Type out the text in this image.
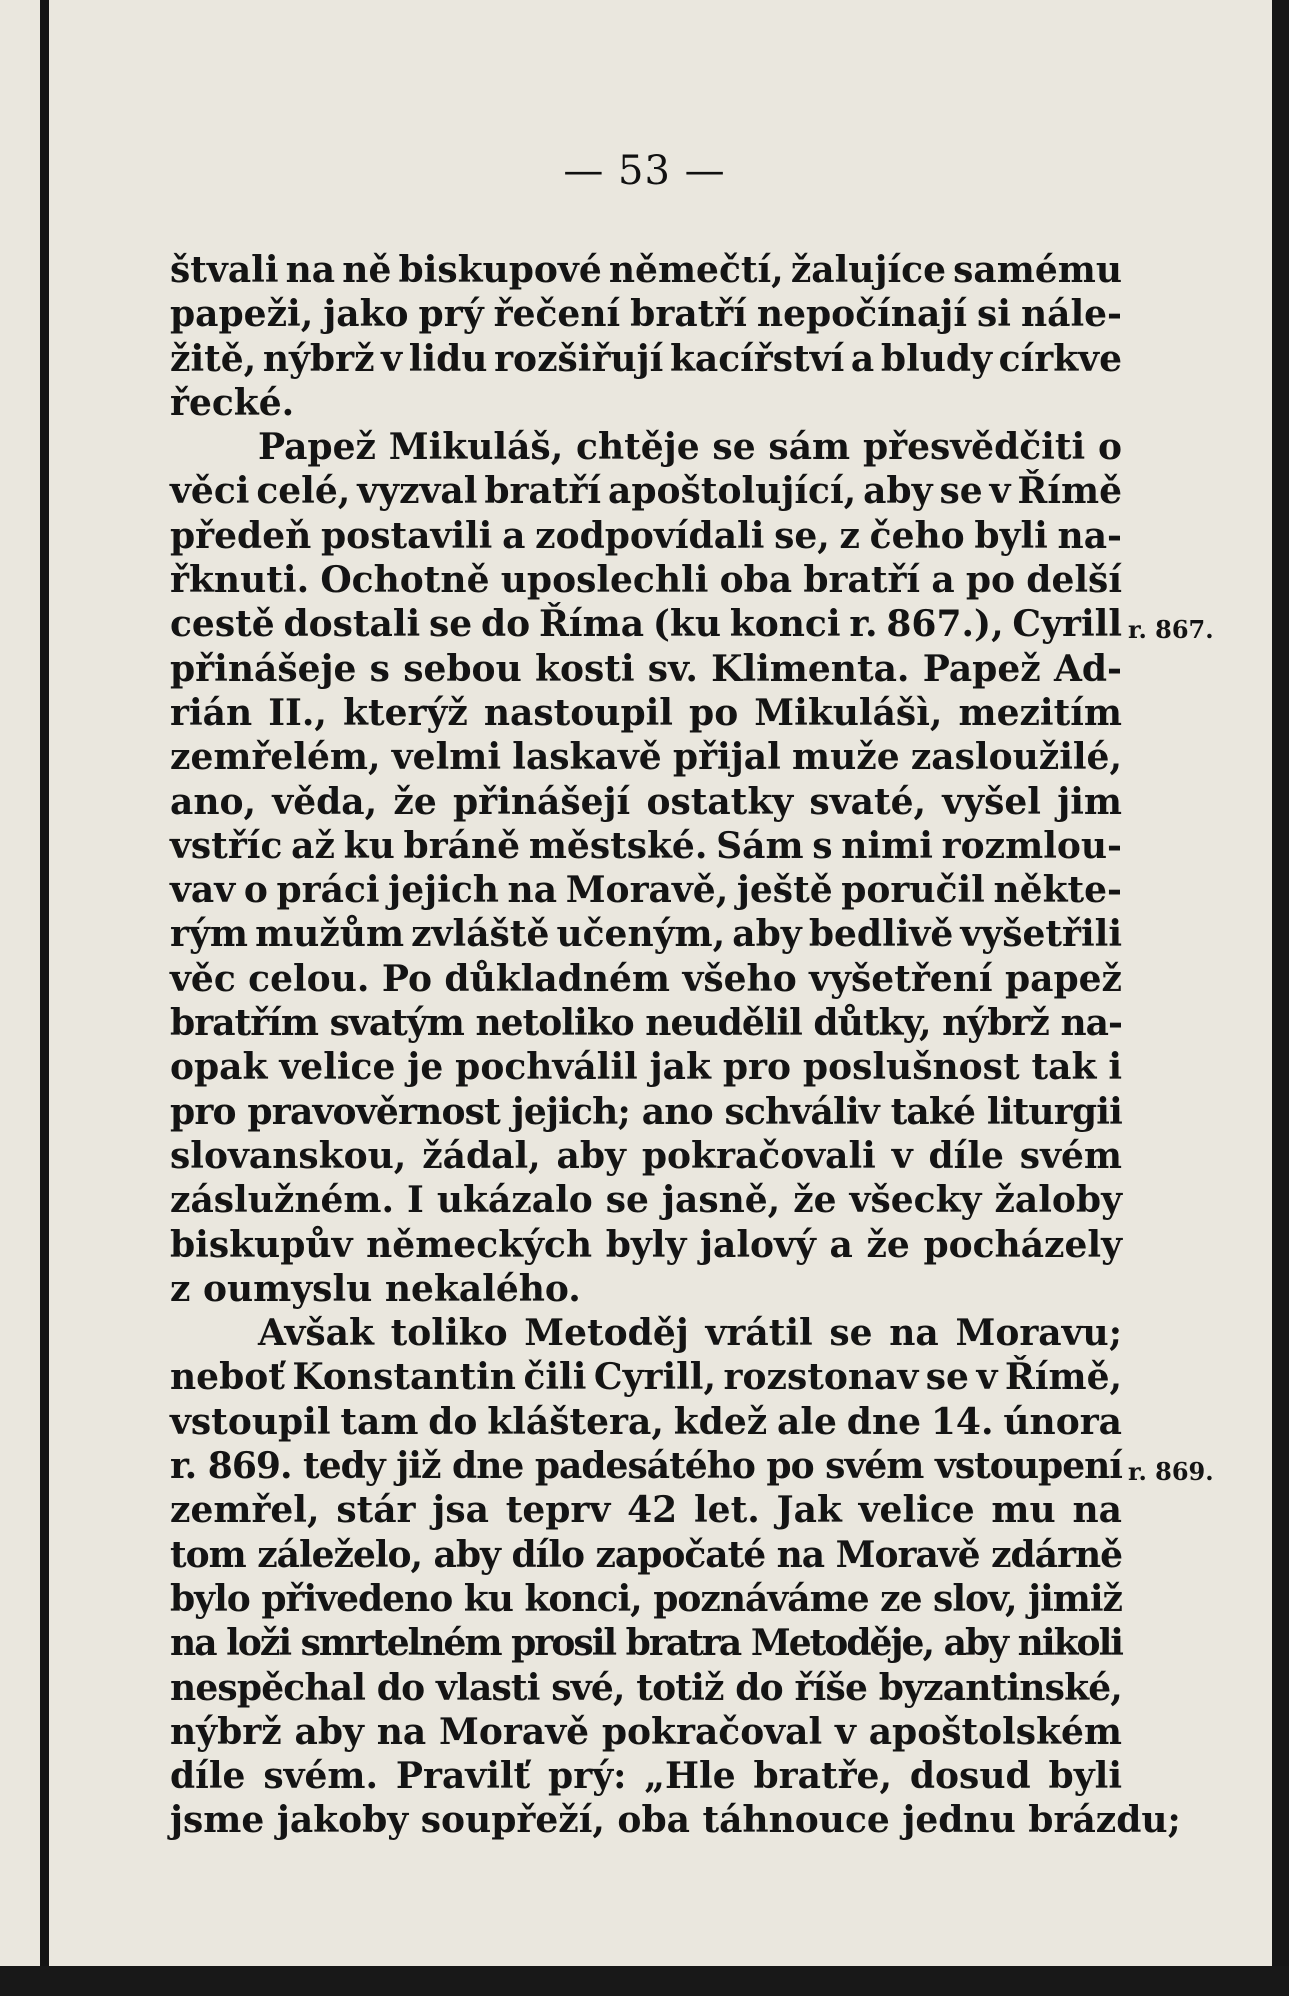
— 53 —
štvali na ně biskupové němečtí, žalujíce samému
papeži, jako prý řečení bratří nepočínají si nále-
žitě, nýbrž v lidu rozšiřují kacířství a bludy církve
řecké.
Papež Mikuláš, chtěje se sám přesvědčiti o
věci celé, vyzval bratří apoštolující, aby se v Římě
předeň postavili a zodpovídali se, z čeho byli na-
řknuti. Ochotně uposlechli oba bratří a po delší
cestě dostali se do Říma (ku konci r. 867.), Cyrill
přinášeje s sebou kosti sv. Klimenta. Papež Ad-
rián II., kterýž nastoupil po Mikulášì, mezitím
zemřelém, velmi laskavě přijal muže zasloužilé,
ano, věda, že přinášejí ostatky svaté, vyšel jim
vstříc až ku bráně městské. Sám s nimi rozmlou-
vav o práci jejich na Moravě, ještě poručil někte-
rým mužům zvláště učeným, aby bedlivě vyšetřili
věc celou. Po důkladném všeho vyšetření papež
bratřím svatým netoliko neudělil důtky, nýbrž na-
opak velice je pochválil jak pro poslušnost tak i
pro pravověrnost jejich; ano schváliv také liturgii
slovanskou, žádal, aby pokračovali v díle svém
záslužném. I ukázalo se jasně, že všecky žaloby
biskupův německých byly jalový a že pocházely
z oumyslu nekalého.
Avšak toliko Metoděj vrátil se na Moravu;
neboť Konstantin čili Cyrill, rozstonav se v Římě,
vstoupil tam do kláštera, kdež ale dne 14. února
r. 869. tedy již dne padesátého po svém vstoupení
zemřel, stár jsa teprv 42 let. Jak velice mu na
tom záleželo, aby dílo započaté na Moravě zdárně
bylo přivedeno ku konci, poznáváme ze slov, jimiž
na loži smrtelném prosil bratra Metoděje, aby nikoli
nespěchal do vlasti své, totiž do říše byzantinské,
nýbrž aby na Moravě pokračoval v apoštolském
díle svém. Pravilť prý: „Hle bratře, dosud byli
jsme jakoby soupřeží, oba táhnouce jednu brázdu;
r. 867.
r. 869.
